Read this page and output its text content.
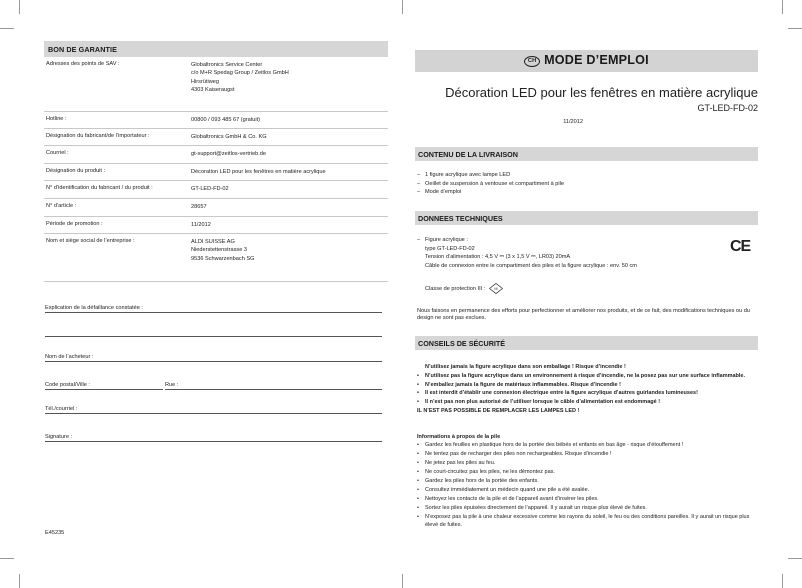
BON DE GARANTIE
Adresses des points de SAV :	Globaltronics Service Center
c/o M+R Spedag Group / Zeitlos GmbH
Hirsrütiweg
4303 Kaiseraugst
Hotline :	00800 / 093 485 67 (gratuit)
Désignation du fabricant/de l’importateur :	Globaltronics GmbH & Co. KG
Courriel :	gt-support@zeitlos-vertrieb.de
Désignation du produit :	Décoration LED pour les fenêtres en matière acrylique
N° d’identification du fabricant / du produit :	GT-LED-FD-02
N° d’article :	28657
Période de promotion :	11/2012
Nom et siège social de l’entreprise :	ALDI SUISSE AG
Niederstettenstrasse 3
9536 Schwarzenbach SG
Explication de la défaillance constatée :
Nom de l’acheteur :
Code postal/Ville :	Rue :
Tél./courriel :
Signature :
E45235
CH MODE D’EMPLOI
Décoration LED pour les fenêtres en matière acrylique
GT-LED-FD-02
11/2012
CONTENU DE LA LIVRAISON
– 1 figure acrylique avec lampe LED
– Oeillet de suspension à ventouse et compartiment à pile
– Mode d’emploi
DONNEES TECHNIQUES
– Figure acrylique :
type GT-LED-FD-02
Tension d’alimentation : 4,5 V ⎓ (3 x 1,5 V ⎓, LR03) 20mA
Câble de connexion entre le compartiment des piles et la figure acrylique : env. 50 cm
Classe de protection III : III
CE
Nous faisons en permanence des efforts pour perfectionner et améliorer nos produits, et de ce fait, des modifications techniques ou du design ne sont pas exclues.
CONSEILS DE SÉCURITÉ
N’utilisez jamais la figure acrylique dans son emballage ! Risque d’incendie !
• N’utilisez pas la figure acrylique dans un environnement à risque d’incendie, ne la posez pas sur une surface inflammable.
• N’emballez jamais la figure de matériaux inflammables. Risque d’incendie !
• Il est interdit d’établir une connexion électrique entre la figure acrylique d’autres guirlandes lumineuses!
• Il n’est pas non plus autorisé de l’utiliser lorsque le câble d’alimentation est endommagé !
IL N’EST PAS POSSIBLE DE REMPLACER LES LAMPES LED !
Informations à propos de la pile
• Gardez les feuilles en plastique hors de la portée des bébés et enfants en bas âge - risque d’étouffement !
• Ne tentez pas de recharger des piles non rechargeables. Risque d’incendie !
• Ne jetez pas les piles au feu.
• Ne court-circuitez pas les piles, ne les démontez pas.
• Gardez les piles hors de la portée des enfants.
• Consultez immédiatement un médecin quand une pile a été avalée.
• Nettoyez les contacts de la pile et de l’appareil avant d’insérer les piles.
• Sortez les piles épuisées directement de l’appareil. Il y aurait un risque plus élevé de fuites.
• N’exposez pas la pile à une chaleur excessive comme les rayons du soleil, le feu ou des conditions pareilles. Il y aurait un risque plus élevé de fuites.
